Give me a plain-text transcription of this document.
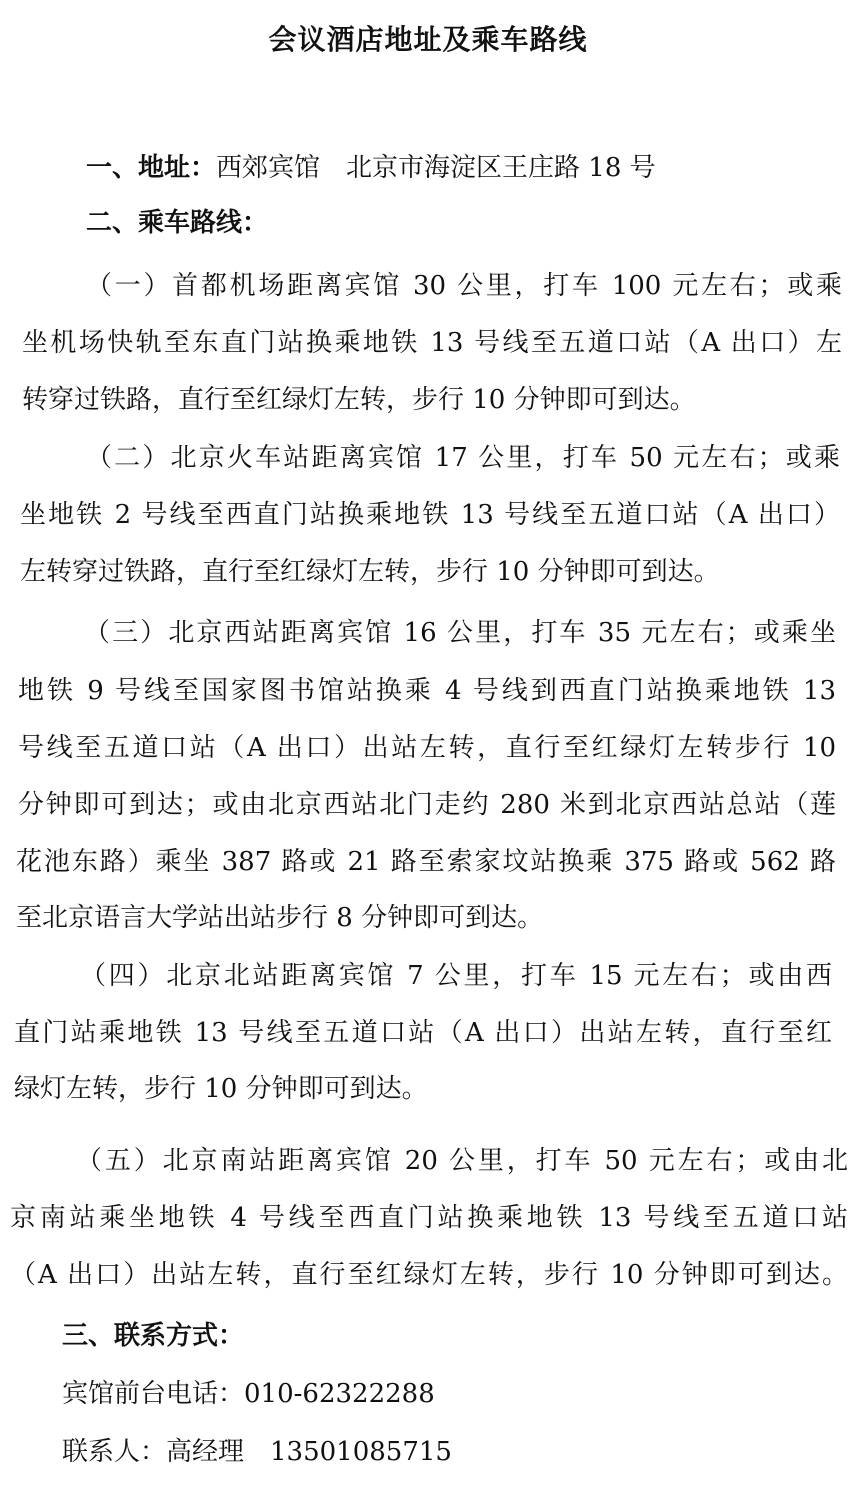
会议酒店地址及乘车路线
一、地址：西郊宾馆　北京市海淀区王庄路 18 号
二、乘车路线：
（一）首都机场距离宾馆 30 公里，打车 100 元左右；或乘
坐机场快轨至东直门站换乘地铁 13 号线至五道口站（A 出口）左
转穿过铁路，直行至红绿灯左转，步行 10 分钟即可到达。
（二）北京火车站距离宾馆 17 公里，打车 50 元左右；或乘
坐地铁 2 号线至西直门站换乘地铁 13 号线至五道口站（A 出口）
左转穿过铁路，直行至红绿灯左转，步行 10 分钟即可到达。
（三）北京西站距离宾馆 16 公里，打车 35 元左右；或乘坐
地铁 9 号线至国家图书馆站换乘 4 号线到西直门站换乘地铁 13
号线至五道口站（A 出口）出站左转，直行至红绿灯左转步行 10
分钟即可到达；或由北京西站北门走约 280 米到北京西站总站（莲
花池东路）乘坐 387 路或 21 路至索家坟站换乘 375 路或 562 路
至北京语言大学站出站步行 8 分钟即可到达。
（四）北京北站距离宾馆 7 公里，打车 15 元左右；或由西
直门站乘地铁 13 号线至五道口站（A 出口）出站左转，直行至红
绿灯左转，步行 10 分钟即可到达。
（五）北京南站距离宾馆 20 公里，打车 50 元左右；或由北
京南站乘坐地铁 4 号线至西直门站换乘地铁 13 号线至五道口站
（A 出口）出站左转，直行至红绿灯左转，步行 10 分钟即可到达。
三、联系方式：
宾馆前台电话：010-62322288
联系人：高经理　13501085715
